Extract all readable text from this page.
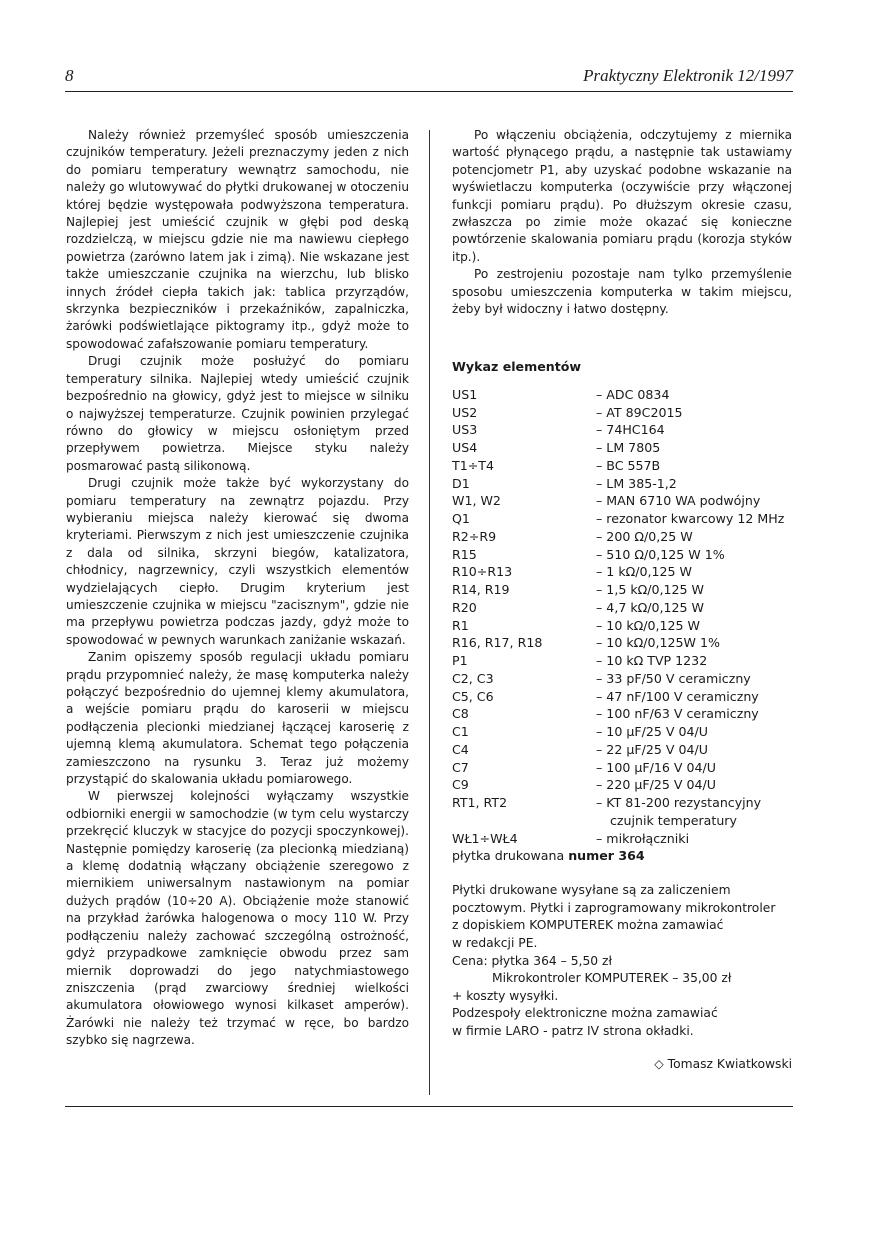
8	Praktyczny Elektronik 12/1997

Należy również przemyśleć sposób umieszczenia czujników temperatury. Jeżeli preznaczymy jeden z nich do pomiaru temperatury wewnątrz samochodu, nie należy go wlutowywać do płytki drukowanej w otoczeniu której będzie występowała podwyższona temperatura. Najlepiej jest umieścić czujnik w głębi pod deską rozdzielczą, w miejscu gdzie nie ma nawiewu ciepłego powietrza (zarówno latem jak i zimą). Nie wskazane jest także umieszczanie czujnika na wierzchu, lub blisko innych źródeł ciepła takich jak: tablica przyrządów, skrzynka bezpieczników i przekaźników, zapalniczka, żarówki podświetlające piktogramy itp., gdyż może to spowodować zafałszowanie pomiaru temperatury.

Drugi czujnik może posłużyć do pomiaru temperatury silnika. Najlepiej wtedy umieścić czujnik bezpośrednio na głowicy, gdyż jest to miejsce w silniku o najwyższej temperaturze. Czujnik powinien przylegać równo do głowicy w miejscu osłoniętym przed przepływem powietrza. Miejsce styku należy posmarować pastą silikonową.

Drugi czujnik może także być wykorzystany do pomiaru temperatury na zewnątrz pojazdu. Przy wybieraniu miejsca należy kierować się dwoma kryteriami. Pierwszym z nich jest umieszczenie czujnika z dala od silnika, skrzyni biegów, katalizatora, chłodnicy, nagrzewnicy, czyli wszystkich elementów wydzielających ciepło. Drugim kryterium jest umieszczenie czujnika w miejscu "zacisznym", gdzie nie ma przepływu powietrza podczas jazdy, gdyż może to spowodować w pewnych warunkach zaniżanie wskazań.

Zanim opiszemy sposób regulacji układu pomiaru prądu przypomnieć należy, że masę komputerka należy połączyć bezpośrednio do ujemnej klemy akumulatora, a wejście pomiaru prądu do karoserii w miejscu podłączenia plecionki miedzianej łączącej karoserię z ujemną klemą akumulatora. Schemat tego połączenia zamieszczono na rysunku 3. Teraz już możemy przystąpić do skalowania układu pomiarowego.

W pierwszej kolejności wyłączamy wszystkie odbiorniki energii w samochodzie (w tym celu wystarczy przekręcić kluczyk w stacyjce do pozycji spoczynkowej). Następnie pomiędzy karoserię (za plecionką miedzianą) a klemę dodatnią włączany obciążenie szeregowo z miernikiem uniwersalnym nastawionym na pomiar dużych prądów (10÷20 A). Obciążenie może stanowić na przykład żarówka halogenowa o mocy 110 W. Przy podłączeniu należy zachować szczególną ostrożność, gdyż przypadkowe zamknięcie obwodu przez sam miernik doprowadzi do jego natychmiastowego zniszczenia (prąd zwarciowy średniej wielkości akumulatora ołowiowego wynosi kilkaset amperów). Żarówki nie należy też trzymać w ręce, bo bardzo szybko się nagrzewa.

Po włączeniu obciążenia, odczytujemy z miernika wartość płynącego prądu, a następnie tak ustawiamy potencjometr P1, aby uzyskać podobne wskazanie na wyświetlaczu komputerka (oczywiście przy włączonej funkcji pomiaru prądu). Po dłuższym okresie czasu, zwłaszcza po zimie może okazać się konieczne powtórzenie skalowania pomiaru prądu (korozja styków itp.).

Po zestrojeniu pozostaje nam tylko przemyślenie sposobu umieszczenia komputerka w takim miejscu, żeby był widoczny i łatwo dostępny.

Wykaz elementów
US1	– ADC 0834
US2	– AT 89C2015
US3	– 74HC164
US4	– LM 7805
T1÷T4	– BC 557B
D1	– LM 385-1,2
W1, W2	– MAN 6710 WA podwójny
Q1	– rezonator kwarcowy 12 MHz
R2÷R9	– 200 Ω/0,25 W
R15	– 510 Ω/0,125 W 1%
R10÷R13	– 1 kΩ/0,125 W
R14, R19	– 1,5 kΩ/0,125 W
R20	– 4,7 kΩ/0,125 W
R1	– 10 kΩ/0,125 W
R16, R17, R18	– 10 kΩ/0,125W 1%
P1	– 10 kΩ TVP 1232
C2, C3	– 33 pF/50 V ceramiczny
C5, C6	– 47 nF/100 V ceramiczny
C8	– 100 nF/63 V ceramiczny
C1	– 10 μF/25 V 04/U
C4	– 22 μF/25 V 04/U
C7	– 100 μF/16 V 04/U
C9	– 220 μF/25 V 04/U
RT1, RT2	– KT 81-200 rezystancyjny
czujnik temperatury
WŁ1÷WŁ4	– mikrołączniki
płytka drukowana numer 364
Płytki drukowane wysyłane są za zaliczeniem
pocztowym. Płytki i zaprogramowany mikrokontroler
z dopiskiem KOMPUTEREK można zamawiać
w redakcji PE.
Cena: płytka 364 – 5,50 zł
Mikrokontroler KOMPUTEREK – 35,00 zł
+ koszty wysyłki.
Podzespoły elektroniczne można zamawiać
w firmie LARO - patrz IV strona okładki.
◇ Tomasz Kwiatkowski
